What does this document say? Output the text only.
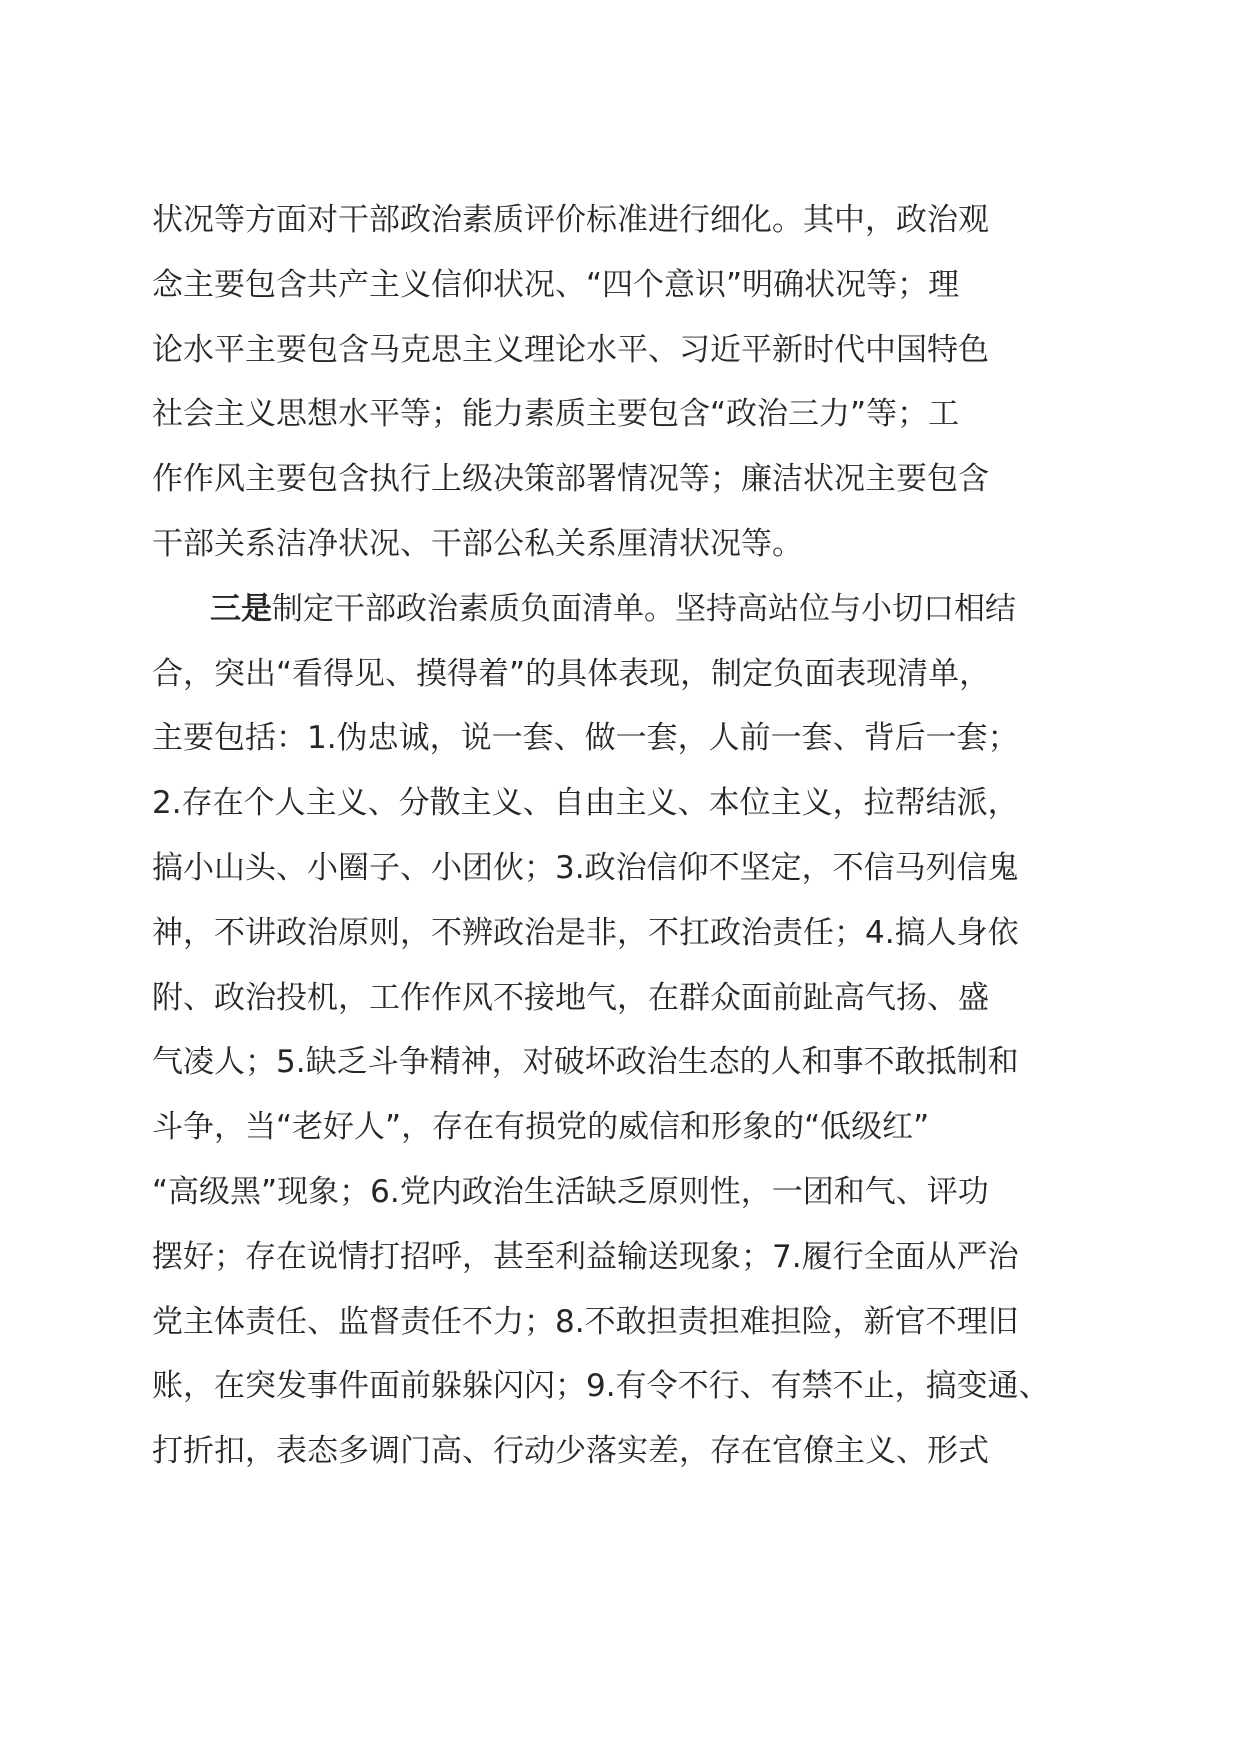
状况等方面对干部政治素质评价标准进行细化。其中，政治观
念主要包含共产主义信仰状况、“四个意识”明确状况等；理
论水平主要包含马克思主义理论水平、习近平新时代中国特色
社会主义思想水平等；能力素质主要包含“政治三力”等；工
作作风主要包含执行上级决策部署情况等；廉洁状况主要包含
干部关系洁净状况、干部公私关系厘清状况等。
三是制定干部政治素质负面清单。坚持高站位与小切口相结
合，突出“看得见、摸得着”的具体表现，制定负面表现清单，
主要包括：1.伪忠诚，说一套、做一套，人前一套、背后一套；
2.存在个人主义、分散主义、自由主义、本位主义，拉帮结派，
搞小山头、小圈子、小团伙；3.政治信仰不坚定，不信马列信鬼
神，不讲政治原则，不辨政治是非，不扛政治责任；4.搞人身依
附、政治投机，工作作风不接地气，在群众面前趾高气扬、盛
气凌人；5.缺乏斗争精神，对破坏政治生态的人和事不敢抵制和
斗争，当“老好人”，存在有损党的威信和形象的“低级红”
“高级黑”现象；6.党内政治生活缺乏原则性，一团和气、评功
摆好；存在说情打招呼，甚至利益输送现象；7.履行全面从严治
党主体责任、监督责任不力；8.不敢担责担难担险，新官不理旧
账，在突发事件面前躲躲闪闪；9.有令不行、有禁不止，搞变通、
打折扣，表态多调门高、行动少落实差，存在官僚主义、形式
